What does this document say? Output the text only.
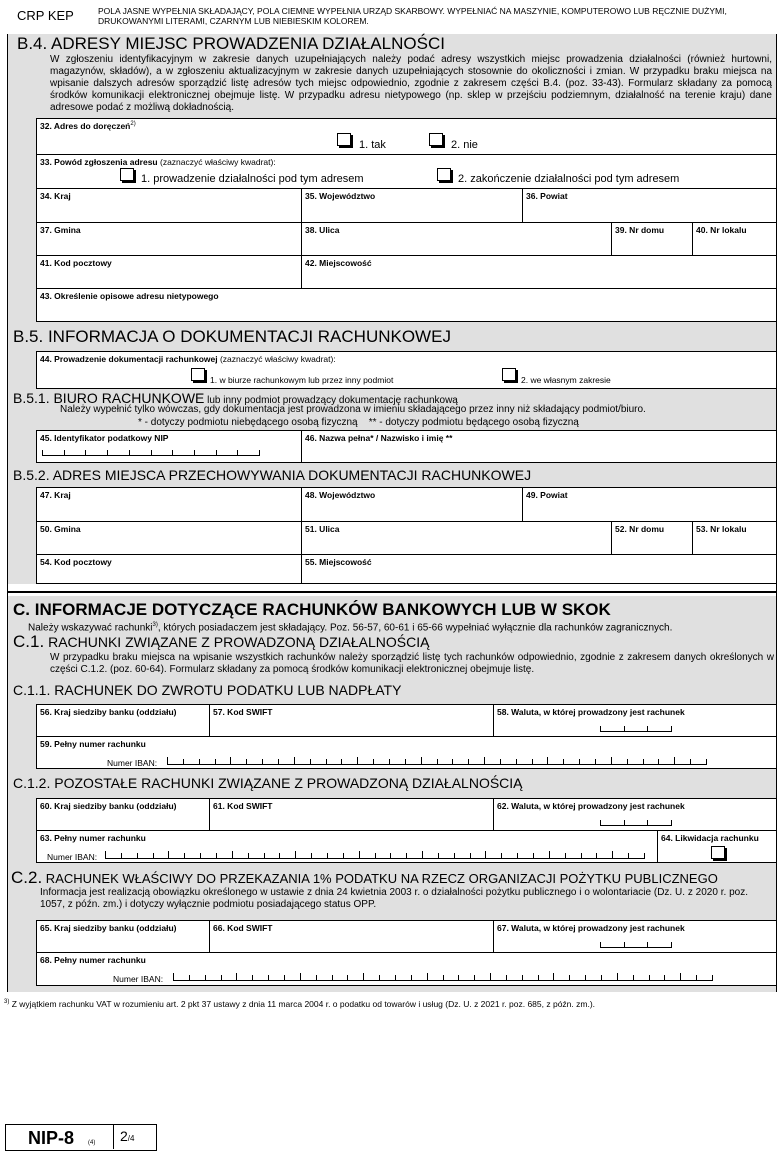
CRP KEP	POLA JASNE WYPEŁNIA SKŁADAJĄCY, POLA CIEMNE WYPEŁNIA URZĄD SKARBOWY. WYPEŁNIAĆ NA MASZYNIE, KOMPUTEROWO LUB RĘCZNIE DUŻYMI, DRUKOWANYMI LITERAMI, CZARNYM LUB NIEBIESKIM KOLOREM.
B.4. ADRESY MIEJSC PROWADZENIA DZIAŁALNOŚCI
W zgłoszeniu identyfikacyjnym w zakresie danych uzupełniających należy podać adresy wszystkich miejsc prowadzenia działalności (również hurtowni, magazynów, składów), a w zgłoszeniu aktualizacyjnym w zakresie danych uzupełniających stosownie do okoliczności i zmian. W przypadku braku miejsca na wpisanie dalszych adresów sporządzić listę adresów tych miejsc odpowiednio, zgodnie z zakresem części B.4. (poz. 33-43). Formularz składany za pomocą środków komunikacji elektronicznej obejmuje listę. W przypadku adresu nietypowego (np. sklep w przejściu podziemnym, działalność na terenie kraju) dane adresowe podać z możliwą dokładnością.
32. Adres do doręczeń$^{2)}$
1. tak	2. nie
33. Powód zgłoszenia adresu (zaznaczyć właściwy kwadrat):
1. prowadzenie działalności pod tym adresem	2. zakończenie działalności pod tym adresem
34. Kraj	35. Województwo	36. Powiat
37. Gmina	38. Ulica	39. Nr domu	40. Nr lokalu
41. Kod pocztowy	42. Miejscowość
43. Określenie opisowe adresu nietypowego
B.5. INFORMACJA O DOKUMENTACJI RACHUNKOWEJ
44. Prowadzenie dokumentacji rachunkowej (zaznaczyć właściwy kwadrat):
1. w biurze rachunkowym lub przez inny podmiot	2. we własnym zakresie
B.5.1. BIURO RACHUNKOWE lub inny podmiot prowadzący dokumentację rachunkową
Należy wypełnić tylko wówczas, gdy dokumentacja jest prowadzona w imieniu składającego przez inny niż składający podmiot/biuro.
* - dotyczy podmiotu niebędącego osobą fizyczną    ** - dotyczy podmiotu będącego osobą fizyczną
45. Identyfikator podatkowy NIP	46. Nazwa pełna* / Nazwisko i imię **
B.5.2. ADRES MIEJSCA PRZECHOWYWANIA DOKUMENTACJI RACHUNKOWEJ
47. Kraj	48. Województwo	49. Powiat
50. Gmina	51. Ulica	52. Nr domu	53. Nr lokalu
54. Kod pocztowy	55. Miejscowość
C. INFORMACJE DOTYCZĄCE RACHUNKÓW BANKOWYCH LUB W SKOK
Należy wskazywać rachunki$^{3)}$, których posiadaczem jest składający. Poz. 56-57, 60-61 i 65-66 wypełniać wyłącznie dla rachunków zagranicznych.
C.1. RACHUNKI ZWIĄZANE Z PROWADZONĄ DZIAŁALNOŚCIĄ
W przypadku braku miejsca na wpisanie wszystkich rachunków należy sporządzić listę tych rachunków odpowiednio, zgodnie z zakresem danych określonych w części C.1.2. (poz. 60-64). Formularz składany za pomocą środków komunikacji elektronicznej obejmuje listę.
C.1.1. RACHUNEK DO ZWROTU PODATKU LUB NADPŁATY
56. Kraj siedziby banku (oddziału)	57. Kod SWIFT	58. Waluta, w której prowadzony jest rachunek
59. Pełny numer rachunku
Numer IBAN:
C.1.2. POZOSTAŁE RACHUNKI ZWIĄZANE Z PROWADZONĄ DZIAŁALNOŚCIĄ
60. Kraj siedziby banku (oddziału)	61. Kod SWIFT	62. Waluta, w której prowadzony jest rachunek
63. Pełny numer rachunku
Numer IBAN:
64. Likwidacja rachunku
C.2. RACHUNEK WŁAŚCIWY DO PRZEKAZANIA 1% PODATKU NA RZECZ ORGANIZACJI POŻYTKU PUBLICZNEGO
Informacja jest realizacją obowiązku określonego w ustawie z dnia 24 kwietnia 2003 r. o działalności pożytku publicznego i o wolontariacie (Dz. U. z 2020 r. poz. 1057, z późn. zm.) i dotyczy wyłącznie podmiotu posiadającego status OPP.
65. Kraj siedziby banku (oddziału)	66. Kod SWIFT	67. Waluta, w której prowadzony jest rachunek
68. Pełny numer rachunku
Numer IBAN:
$^{3)}$ Z wyjątkiem rachunku VAT w rozumieniu art. 2 pkt 37 ustawy z dnia 11 marca 2004 r. o podatku od towarów i usług (Dz. U. z 2021 r. poz. 685, z późn. zm.).
NIP-8 (4) 2/4
